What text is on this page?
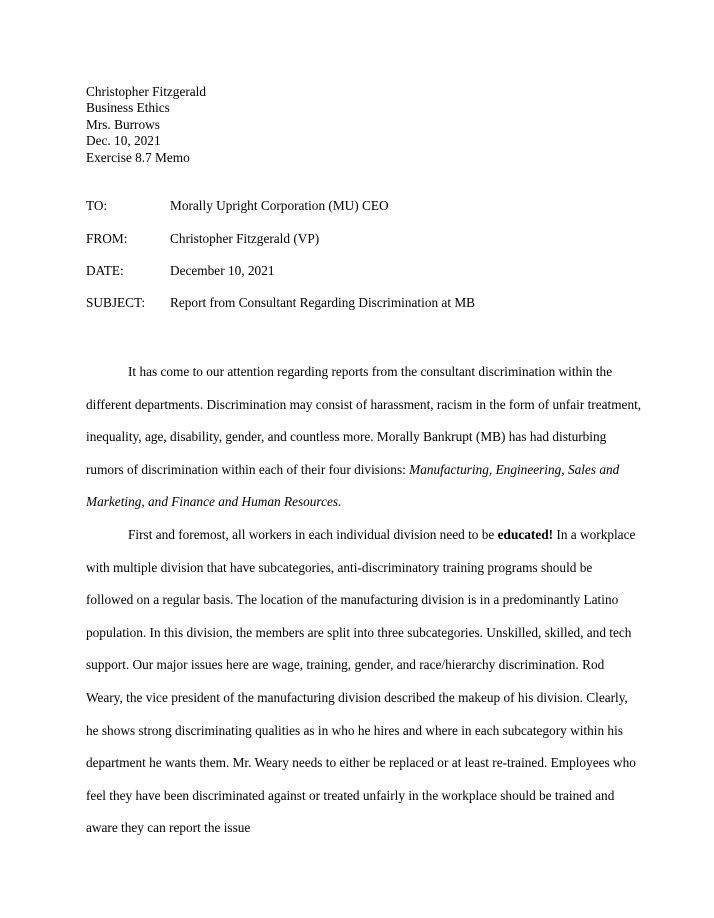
Christopher Fitzgerald
Business Ethics
Mrs. Burrows
Dec. 10, 2021
Exercise 8.7 Memo
TO:	Morally Upright Corporation (MU) CEO
FROM:	Christopher Fitzgerald (VP)
DATE:	December 10, 2021
SUBJECT: Report from Consultant Regarding Discrimination at MB

It has come to our attention regarding reports from the consultant discrimination within the different departments. Discrimination may consist of harassment, racism in the form of unfair treatment, inequality, age, disability, gender, and countless more. Morally Bankrupt (MB) has had disturbing rumors of discrimination within each of their four divisions: Manufacturing, Engineering, Sales and Marketing, and Finance and Human Resources.

First and foremost, all workers in each individual division need to be educated! In a workplace with multiple division that have subcategories, anti-discriminatory training programs should be followed on a regular basis. The location of the manufacturing division is in a predominantly Latino population. In this division, the members are split into three subcategories. Unskilled, skilled, and tech support. Our major issues here are wage, training, gender, and race/hierarchy discrimination. Rod Weary, the vice president of the manufacturing division described the makeup of his division. Clearly, he shows strong discriminating qualities as in who he hires and where in each subcategory within his department he wants them. Mr. Weary needs to either be replaced or at least re-trained. Employees who feel they have been discriminated against or treated unfairly in the workplace should be trained and aware they can report the issue
